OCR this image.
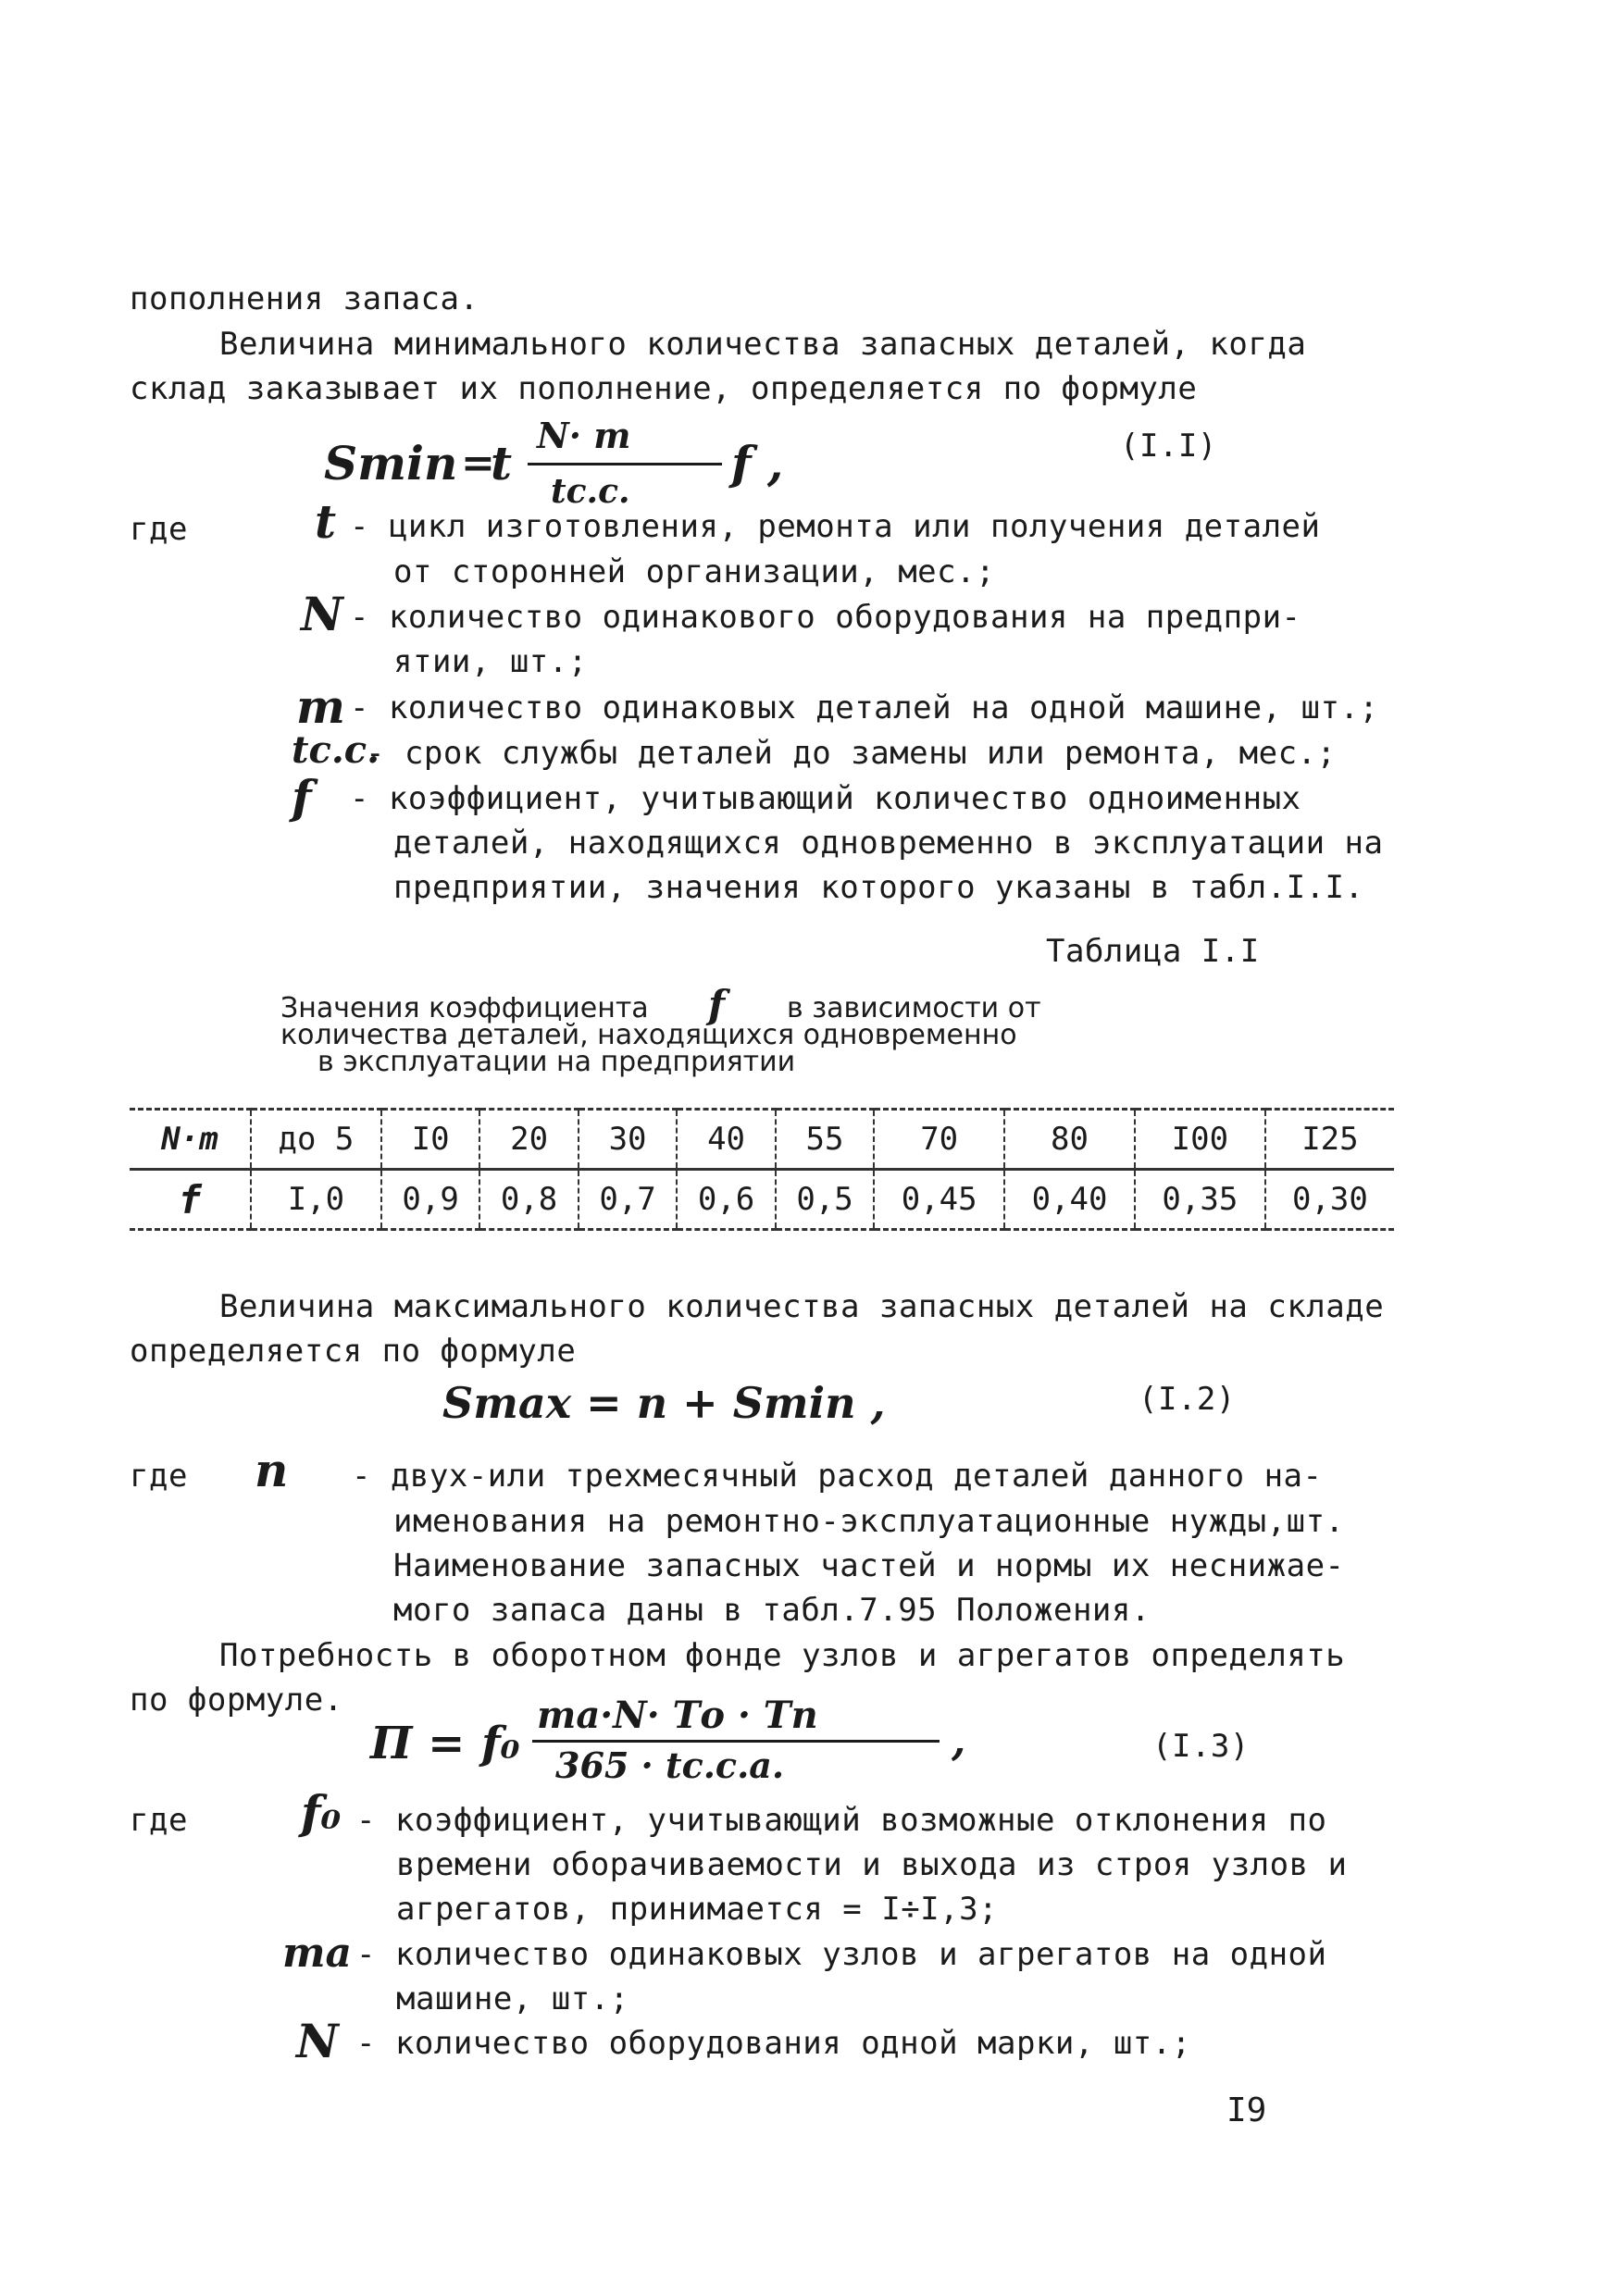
пополнения запаса.
Величина минимального количества запасных деталей, когда
склад заказывает их пополнение, определяется по формуле
Smin =
t
N· m
tс.с.
f ,	(I.I)
где	t - цикл изготовления, ремонта или получения деталей
от сторонней организации, мес.;
N - количество одинакового оборудования на предпри-
ятии, шт.;
m - количество одинаковых деталей на одной машине, шт.;
tс.с.
- срок службы деталей до замены или ремонта, мес.;
f - коэффициент, учитывающий количество одноименных
деталей, находящихся одновременно в эксплуатации на
предприятии, значения которого указаны в табл.I.I.
Таблица I.I
Значения коэффициента f в зависимости от
количества деталей, находящихся одновременно
в эксплуатации на предприятии
N·m	до 5	I0	20	30	40	55	70	80	I00	I25
f	I,0	0,9	0,8	0,7	0,6	0,5	0,45	0,40	0,35	0,30
Величина максимального количества запасных деталей на складе
определяется по формуле
Smax = n + Smin ,	(I.2)
где n - двух-или трехмесячный расход деталей данного на-
именования на ремонтно-эксплуатационные нужды,шт.
Наименование запасных частей и нормы их неснижае-
мого запаса даны в табл.7.95 Положения.
Потребность в оборотном фонде узлов и агрегатов определять
по формуле.
П = f₀
mа·N· Tо · Tп
365 · tс.с.а.
,	(I.3)
где f₀ - коэффициент, учитывающий возможные отклонения по
времени оборачиваемости и выхода из строя узлов и
агрегатов, принимается = I÷I,3;
mа - количество одинаковых узлов и агрегатов на одной
машине, шт.;
N - количество оборудования одной марки, шт.;
I9
